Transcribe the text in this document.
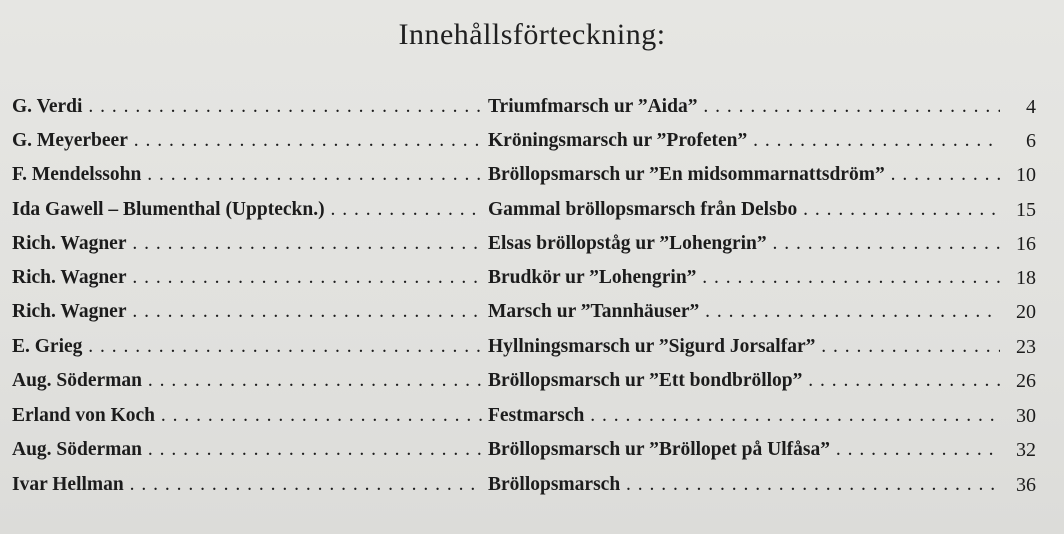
Innehållsförteckning:
G. Verdi . . .	Triumfmarsch ur ”Aida” . . .	4
G. Meyerbeer . . .	Kröningsmarsch ur ”Profeten” . . .	6
F. Mendelssohn . . .	Bröllopsmarsch ur ”En midsommarnattsdröm” . . .	10
Ida Gawell – Blumenthal (Uppteckn.) . . .	Gammal bröllopsmarsch från Delsbo . . .	15
Rich. Wagner . . .	Elsas bröllopståg ur ”Lohengrin” . . .	16
Rich. Wagner . . .	Brudkör ur ”Lohengrin” . . .	18
Rich. Wagner . . .	Marsch ur ”Tannhäuser” . . .	20
E. Grieg . . .	Hyllningsmarsch ur ”Sigurd Jorsalfar” . . .	23
Aug. Söderman . . .	Bröllopsmarsch ur ”Ett bondbröllop” . . .	26
Erland von Koch . . .	Festmarsch . . .	30
Aug. Söderman . . .	Bröllopsmarsch ur ”Bröllopet på Ulfåsa” . . .	32
Ivar Hellman . . .	Bröllopsmarsch . . .	36
